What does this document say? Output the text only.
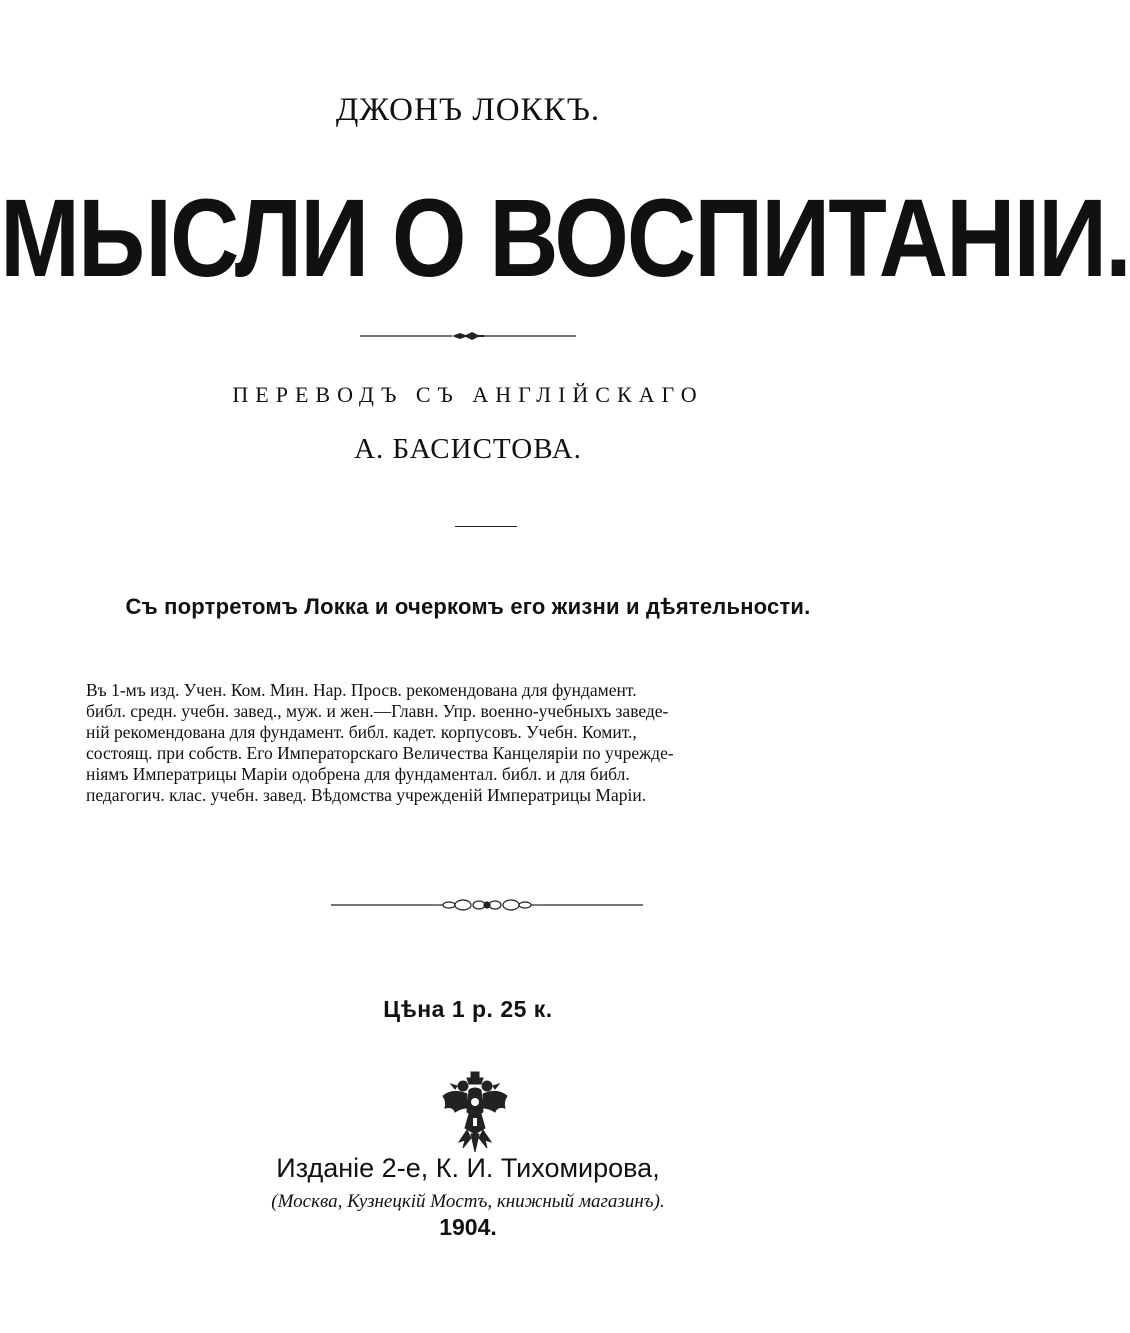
ДЖОНЪ ЛОККЪ.

МЫСЛИ О ВОСПИТАНІИ.

ПЕРЕВОДЪ СЪ АНГЛІЙСКАГО

А. БАСИСТОВА.

Съ портретомъ Локка и очеркомъ его жизни и дѣятельности.

Въ 1-мъ изд. Учен. Ком. Мин. Нар. Просв. рекомендована для фундамент.
библ. средн. учебн. завед., муж. и жен.—Главн. Упр. военно-учебныхъ заведе-
ній рекомендована для фундамент. библ. кадет. корпусовъ. Учебн. Комит.,
состоящ. при собств. Его Императорскаго Величества Канцеляріи по учрежде-
ніямъ Императрицы Маріи одобрена для фундаментал. библ. и для библ.
педагогич. клас. учебн. завед. Вѣдомства учрежденій Императрицы Маріи.

Цѣна 1 р. 25 к.

Изданіе 2-е, К. И. Тихомирова,

(Москва, Кузнецкій Мостъ, книжный магазинъ).

1904.
